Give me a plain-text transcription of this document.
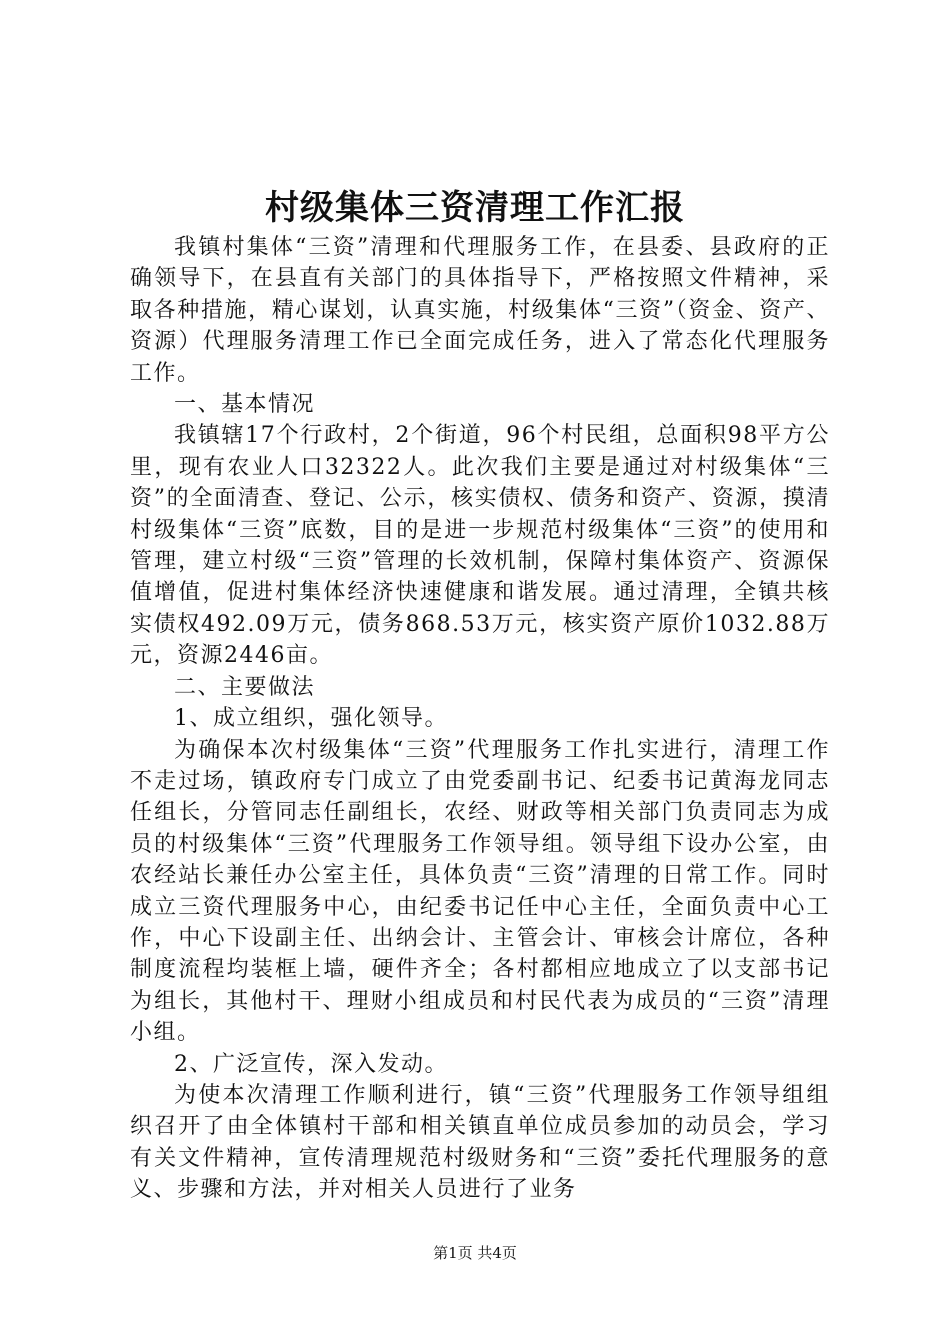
村级集体三资清理工作汇报

我镇村集体“三资”清理和代理服务工作，在县委、县政府的正确领导下，在县直有关部门的具体指导下，严格按照文件精神，采取各种措施，精心谋划，认真实施，村级集体“三资”（资金、资产、资源）代理服务清理工作已全面完成任务，进入了常态化代理服务工作。

一、基本情况

我镇辖17个行政村，2个街道，96个村民组，总面积98平方公里，现有农业人口32322人。此次我们主要是通过对村级集体“三资”的全面清查、登记、公示，核实债权、债务和资产、资源，摸清村级集体“三资”底数，目的是进一步规范村级集体“三资”的使用和管理，建立村级“三资”管理的长效机制，保障村集体资产、资源保值增值，促进村集体经济快速健康和谐发展。通过清理，全镇共核实债权492.09万元，债务868.53万元，核实资产原价1032.88万元，资源2446亩。

二、主要做法

1、成立组织，强化领导。

为确保本次村级集体“三资”代理服务工作扎实进行，清理工作不走过场，镇政府专门成立了由党委副书记、纪委书记黄海龙同志任组长，分管同志任副组长，农经、财政等相关部门负责同志为成员的村级集体“三资”代理服务工作领导组。领导组下设办公室，由农经站长兼任办公室主任，具体负责“三资”清理的日常工作。同时成立三资代理服务中心，由纪委书记任中心主任，全面负责中心工作，中心下设副主任、出纳会计、主管会计、审核会计席位，各种制度流程均装框上墙，硬件齐全；各村都相应地成立了以支部书记为组长，其他村干、理财小组成员和村民代表为成员的“三资”清理小组。

2、广泛宣传，深入发动。

为使本次清理工作顺利进行，镇“三资”代理服务工作领导组组织召开了由全体镇村干部和相关镇直单位成员参加的动员会，学习有关文件精神，宣传清理规范村级财务和“三资”委托代理服务的意义、步骤和方法，并对相关人员进行了业务

第1页 共4页
